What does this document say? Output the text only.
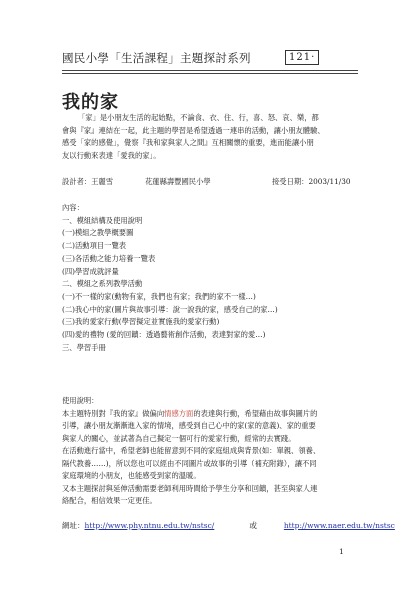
國民小學「生活課程」主題探討系列	121‧
我的家
「家」是小朋友生活的起始點，不論食、衣、住、行，喜、怒、哀、樂，都
會與『家』連結在一起，此主題的學習是希望透過一連串的活動，讓小朋友體驗、
感受「家的感覺」，覺察『我和家與家人之間』互相關懷的重要，進而能讓小朋
友以行動來表達「愛我的家」。
設計者：王麗雪	花蓮縣壽豐國民小學	接受日期：2003/11/30
內容：
一、模組結構及使用說明
(一)模組之教學概要圖
(二)活動項目一覽表
(三)各活動之能力培養一覽表
(四)學習成就評量
二、模組之系列教學活動
(一)不一樣的家(動物有家，我們也有家；我們的家不一樣…)
(二)我心中的家(圖片與故事引導：說一說我的家，感受自己的家…)
(三)我的愛家行動(學習擬定並實施我的愛家行動)
(四)愛的禮物 (愛的回饋：透過藝術創作活動，表達對家的愛…)
三、學習手冊
使用說明：
本主題特別對『我的家』做偏向情感方面的表達與行動，希望藉由故事與圖片的
引導，讓小朋友漸漸進入家的情境，感受到自己心中的家(家的意義)、家的重要
與家人的關心，並試著為自己擬定一個可行的愛家行動，經常的去實踐。
在活動進行當中，希望老師也能留意到不同的家庭組成與背景(如：單親、領養、
隔代教養……)，所以您也可以經由不同圖片或故事的引導（補充附錄），讓不同
家庭環境的小朋友，也能感受到家的溫暖。
又本主題探討與延伸活動需要老師利用時間給予學生分享和回饋，甚至與家人連
絡配合，相信效果一定更佳。
網址：http://www.phy.ntnu.edu.tw/nstsc/	或	http://www.naer.edu.tw/nstsc
1
